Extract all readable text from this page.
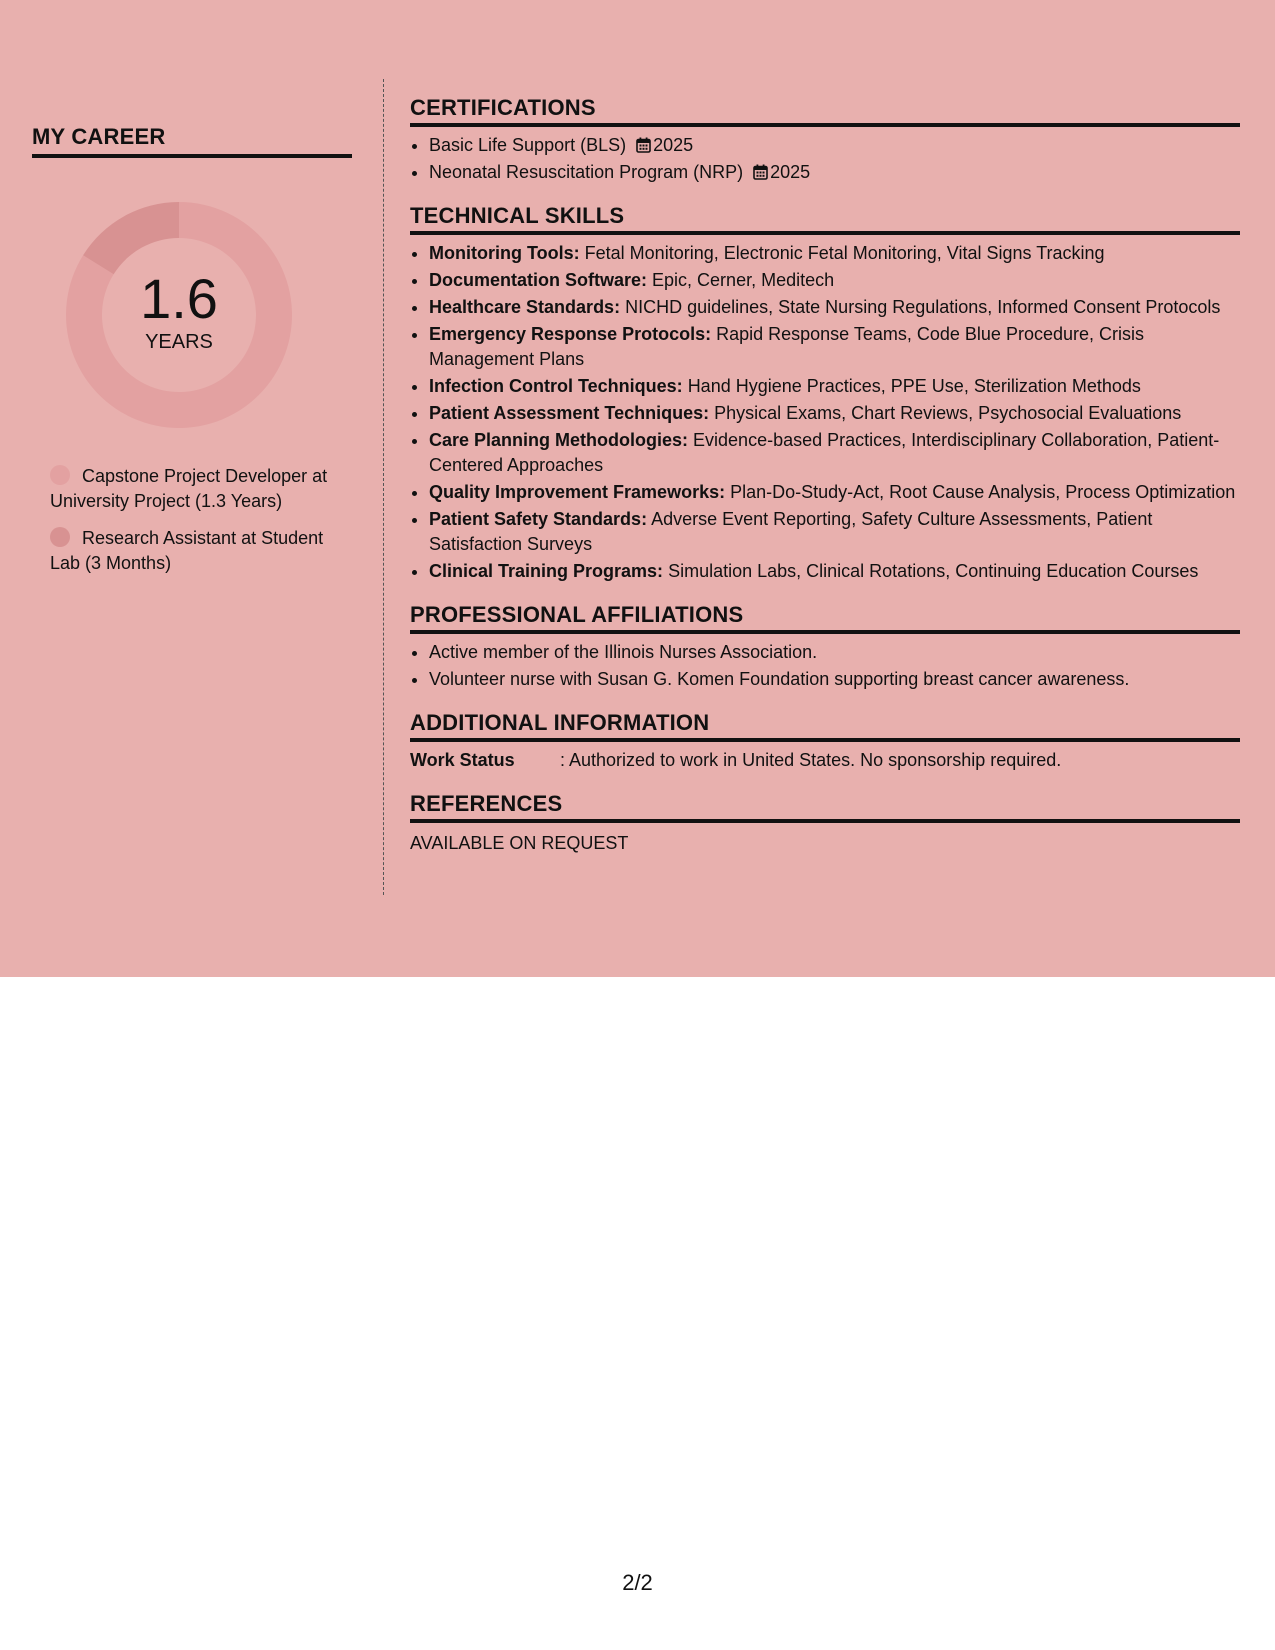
MY CAREER
1.6
YEARS
Capstone Project Developer at University Project (1.3 Years)
Research Assistant at Student Lab (3 Months)
CERTIFICATIONS
• Basic Life Support (BLS) 2025
• Neonatal Resuscitation Program (NRP) 2025
TECHNICAL SKILLS
• Monitoring Tools: Fetal Monitoring, Electronic Fetal Monitoring, Vital Signs Tracking
• Documentation Software: Epic, Cerner, Meditech
• Healthcare Standards: NICHD guidelines, State Nursing Regulations, Informed Consent Protocols
• Emergency Response Protocols: Rapid Response Teams, Code Blue Procedure, Crisis Management Plans
• Infection Control Techniques: Hand Hygiene Practices, PPE Use, Sterilization Methods
• Patient Assessment Techniques: Physical Exams, Chart Reviews, Psychosocial Evaluations
• Care Planning Methodologies: Evidence-based Practices, Interdisciplinary Collaboration, Patient-Centered Approaches
• Quality Improvement Frameworks: Plan-Do-Study-Act, Root Cause Analysis, Process Optimization
• Patient Safety Standards: Adverse Event Reporting, Safety Culture Assessments, Patient Satisfaction Surveys
• Clinical Training Programs: Simulation Labs, Clinical Rotations, Continuing Education Courses
PROFESSIONAL AFFILIATIONS
• Active member of the Illinois Nurses Association.
• Volunteer nurse with Susan G. Komen Foundation supporting breast cancer awareness.
ADDITIONAL INFORMATION
Work Status	: Authorized to work in United States. No sponsorship required.
REFERENCES
AVAILABLE ON REQUEST
2/2
